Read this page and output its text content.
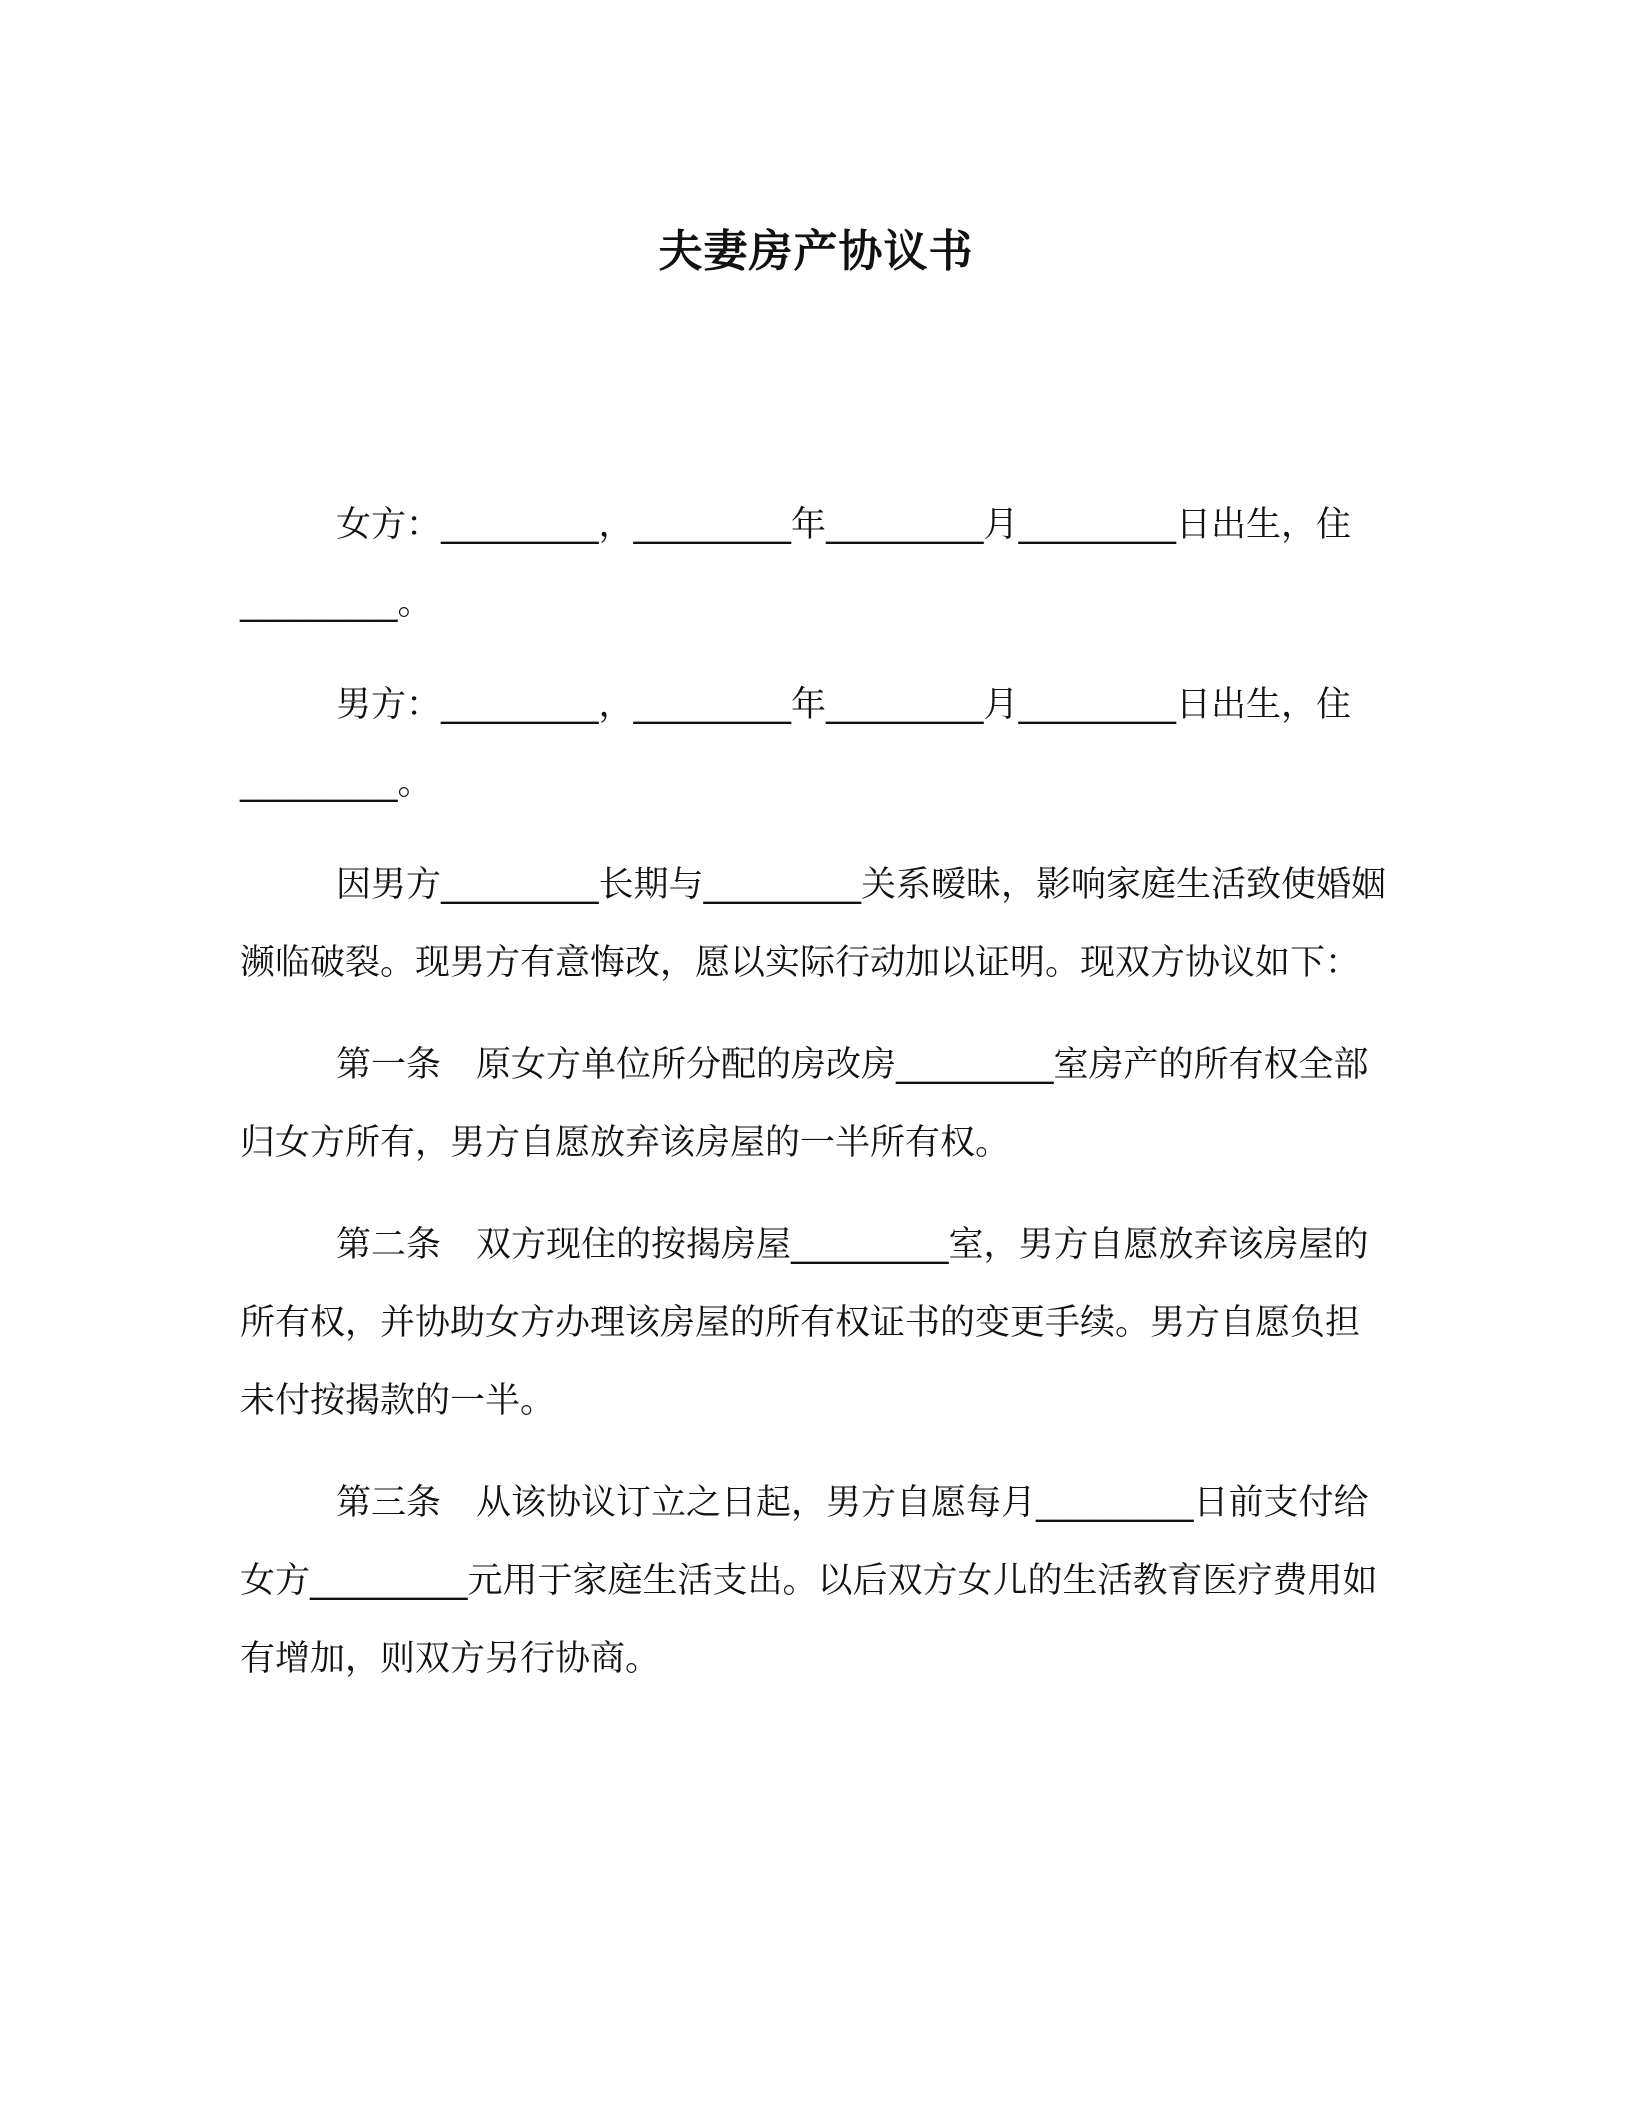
夫妻房产协议书

女方：_________，_________年_________月_________日出生，住_________。

男方：_________，_________年_________月_________日出生，住_________。

因男方_________长期与_________关系暧昧，影响家庭生活致使婚姻濒临破裂。现男方有意悔改，愿以实际行动加以证明。现双方协议如下：

第一条　原女方单位所分配的房改房_________室房产的所有权全部归女方所有，男方自愿放弃该房屋的一半所有权。

第二条　双方现住的按揭房屋_________室，男方自愿放弃该房屋的所有权，并协助女方办理该房屋的所有权证书的变更手续。男方自愿负担未付按揭款的一半。

第三条　从该协议订立之日起，男方自愿每月_________日前支付给女方_________元用于家庭生活支出。以后双方女儿的生活教育医疗费用如有增加，则双方另行协商。
